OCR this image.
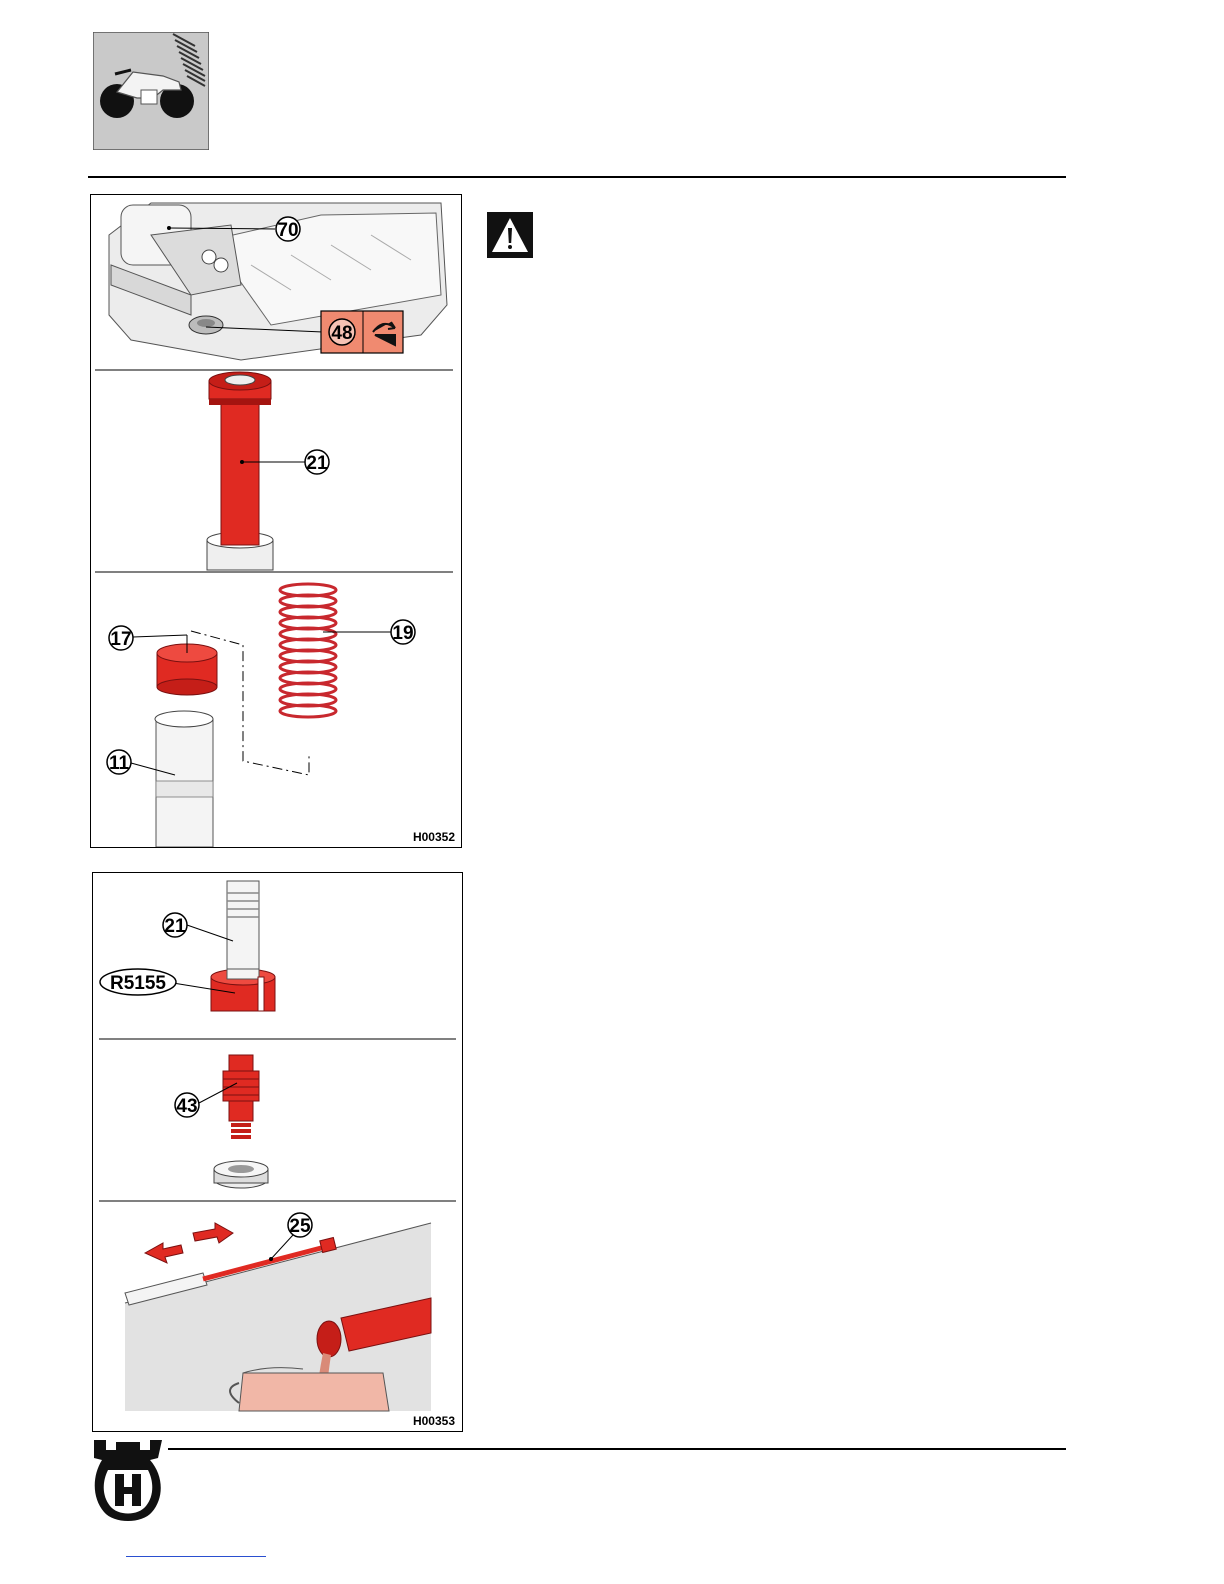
70
48
21
17	19
11
H00352
21
R5155
43
25
H00353
